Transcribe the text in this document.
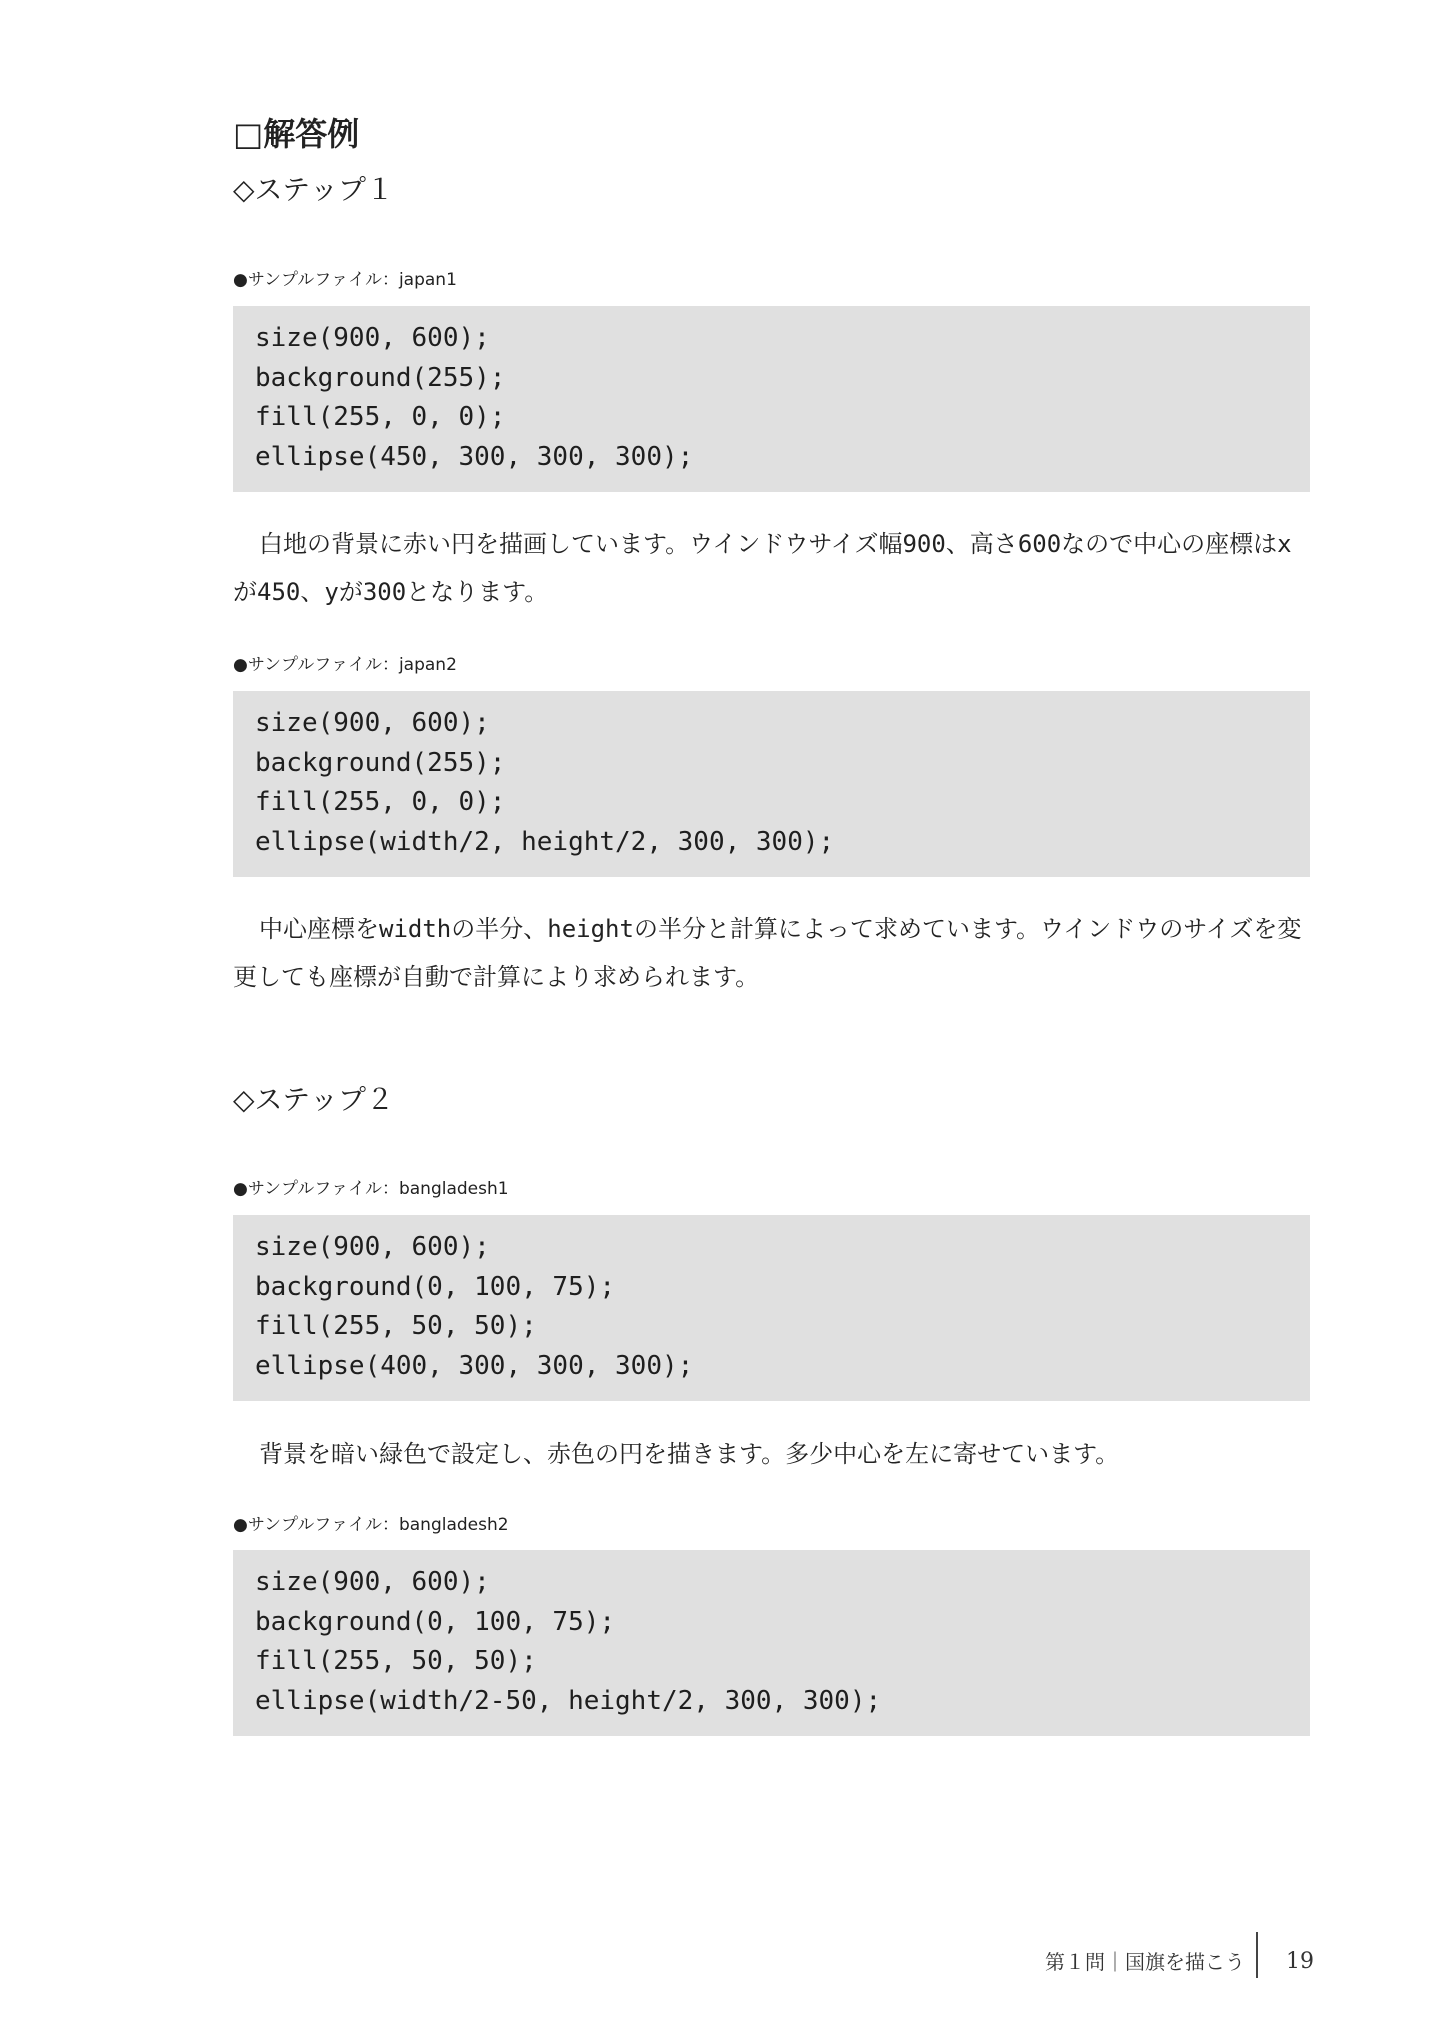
□解答例
◇ステップ１
●サンプルファイル：japan1
size(900, 600);
background(255);
fill(255, 0, 0);
ellipse(450, 300, 300, 300);
白地の背景に赤い円を描画しています。ウインドウサイズ幅900、高さ600なので中心の座標はxが450、yが300となります。
●サンプルファイル：japan2
size(900, 600);
background(255);
fill(255, 0, 0);
ellipse(width/2, height/2, 300, 300);
中心座標をwidthの半分、heightの半分と計算によって求めています。ウインドウのサイズを変更しても座標が自動で計算により求められます。
◇ステップ２
●サンプルファイル：bangladesh1
size(900, 600);
background(0, 100, 75);
fill(255, 50, 50);
ellipse(400, 300, 300, 300);
背景を暗い緑色で設定し、赤色の円を描きます。多少中心を左に寄せています。
●サンプルファイル：bangladesh2
size(900, 600);
background(0, 100, 75);
fill(255, 50, 50);
ellipse(width/2-50, height/2, 300, 300);
第１問｜国旗を描こう 19
